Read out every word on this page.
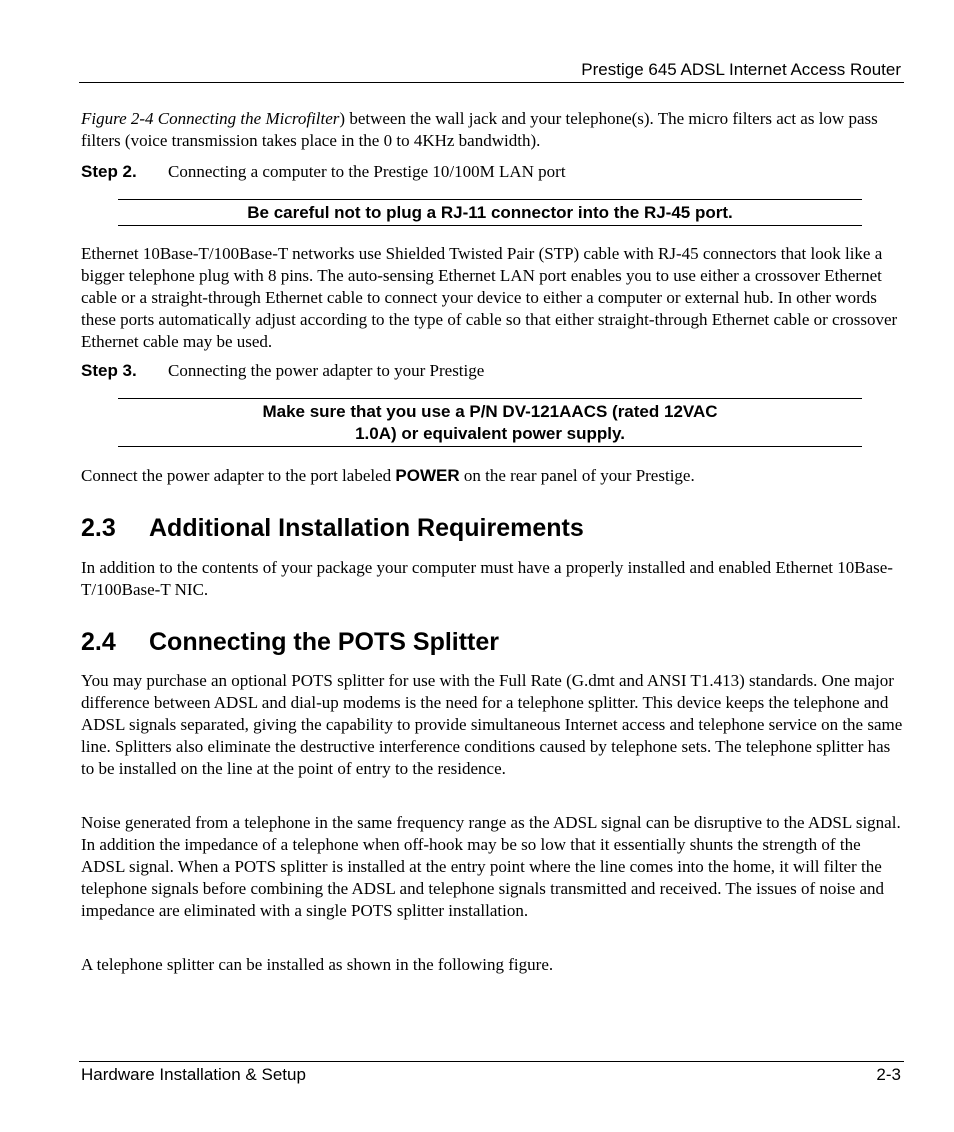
Prestige 645 ADSL Internet Access Router

Figure 2-4 Connecting the Microfilter) between the wall jack and your telephone(s). The micro filters act as low pass filters (voice transmission takes place in the 0 to 4KHz bandwidth).

Step 2. Connecting a computer to the Prestige 10/100M LAN port
Be careful not to plug a RJ-11 connector into the RJ-45 port.

Ethernet 10Base-T/100Base-T networks use Shielded Twisted Pair (STP) cable with RJ-45 connectors that look like a bigger telephone plug with 8 pins. The auto-sensing Ethernet LAN port enables you to use either a crossover Ethernet cable or a straight-through Ethernet cable to connect your device to either a computer or external hub. In other words these ports automatically adjust according to the type of cable so that either straight-through Ethernet cable or crossover Ethernet cable may be used.

Step 3. Connecting the power adapter to your Prestige
Make sure that you use a P/N DV-121AACS (rated 12VAC
1.0A) or equivalent power supply.

Connect the power adapter to the port labeled POWER on the rear panel of your Prestige.

2.3 Additional Installation Requirements

In addition to the contents of your package your computer must have a properly installed and enabled Ethernet 10Base-T/100Base-T NIC.

2.4 Connecting the POTS Splitter

You may purchase an optional POTS splitter for use with the Full Rate (G.dmt and ANSI T1.413) standards. One major difference between ADSL and dial-up modems is the need for a telephone splitter. This device keeps the telephone and ADSL signals separated, giving the capability to provide simultaneous Internet access and telephone service on the same line. Splitters also eliminate the destructive interference conditions caused by telephone sets. The telephone splitter has to be installed on the line at the point of entry to the residence.

Noise generated from a telephone in the same frequency range as the ADSL signal can be disruptive to the ADSL signal. In addition the impedance of a telephone when off-hook may be so low that it essentially shunts the strength of the ADSL signal. When a POTS splitter is installed at the entry point where the line comes into the home, it will filter the telephone signals before combining the ADSL and telephone signals transmitted and received. The issues of noise and impedance are eliminated with a single POTS splitter installation.

A telephone splitter can be installed as shown in the following figure.

Hardware Installation & Setup	2-3
